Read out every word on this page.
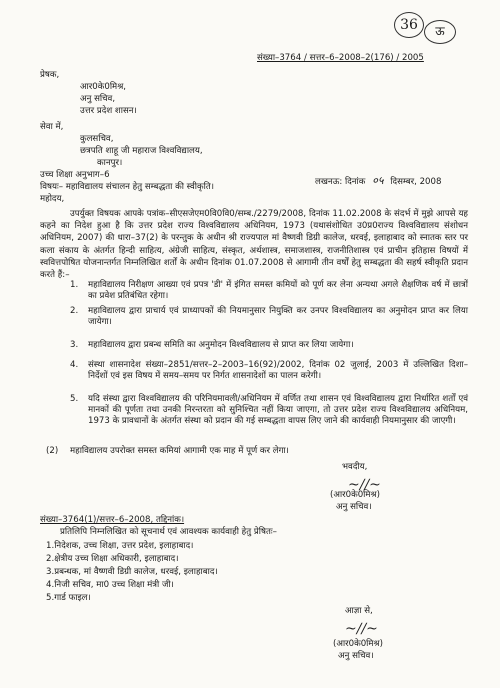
36 ऊ
संख्या–3764 / सत्तर–6–2008–2(176) / 2005
प्रेषक,
आर0के0मिश्र,
अनु सचिव,
उत्तर प्रदेश शासन।
सेवा में,
कुलसचिव,
छत्रपति शाहू जी महाराज विश्वविद्यालय,
कानपुर।
उच्च शिक्षा अनुभाग–6
लखनऊ: दिनांक ०५ दिसम्बर, 2008
विषयः– महाविद्यालय संचालन हेतु सम्बद्धता की स्वीकृति।
महोदय,
उपर्युक्त विषयक आपके पत्रांक–सीएसजेएम0वि0वि0/सम्ब./2279/2008, दिनांक 11.02.2008 के संदर्भ में मुझे आपसे यह कहने का निदेश हुआ है कि उत्तर प्रदेश राज्य विश्वविद्यालय अधिनियम, 1973 (यथासंशोधित उ0प्र0राज्य विश्वविद्यालय संशोधन अधिनियम, 2007) की धारा–37(2) के परन्तुक के अधीन श्री राज्यपाल मां वैष्णवी डिग्री कालेज, धरवई, इलाहाबाद को स्नातक स्तर पर कला संकाय के अंतर्गत हिन्दी साहित्य, अंग्रेजी साहित्य, संस्कृत, अर्थशास्त्र, समाजशास्त्र, राजनीतिशास्त्र एवं प्राचीन इतिहास विषयों में स्ववित्तपोषित योजनान्तर्गत निम्नलिखित शर्तों के अधीन दिनांक 01.07.2008 से आगामी तीन वर्षों हेतु सम्बद्धता की सहर्ष स्वीकृति प्रदान करते हैं:–
1. महाविद्यालय निरीक्षण आख्या एवं प्रपत्र 'डी' में इंगित समस्त कमियों को पूर्ण कर लेना अन्यथा अगले शैक्षणिक वर्ष में छात्रों का प्रवेश प्रतिबंधित रहेगा।
2. महाविद्यालय द्वारा प्राचार्य एवं प्राध्यापकों की नियमानुसार नियुक्ति कर उनपर विश्वविद्यालय का अनुमोदन प्राप्त कर लिया जायेगा।
3. महाविद्यालय द्वारा प्रबन्ध समिति का अनुमोदन विश्वविद्यालय से प्राप्त कर लिया जायेगा।
4. संस्था शासनादेश संख्या–2851/सत्तर–2–2003–16(92)/2002, दिनांक 02 जुलाई, 2003 में उल्लिखित दिशा–निर्देशों एवं इस विषय में समय–समय पर निर्गत शासनादेशों का पालन करेगी।
5. यदि संस्था द्वारा विश्वविद्यालय की परिनियमावली/अधिनियम में वर्णित तथा शासन एवं विश्वविद्यालय द्वारा निर्धारित शर्तों एवं मानकों की पूर्णता तथा उनकी निरन्तरता को सुनिश्चित नहीं किया जाएगा, तो उत्तर प्रदेश राज्य विश्वविद्यालय अधिनियम, 1973 के प्रावधानों के अंतर्गत संस्था को प्रदान की गई सम्बद्धता वापस लिए जाने की कार्यवाही नियमानुसार की जाएगी।
(2) महाविद्यालय उपरोक्त समस्त कमियां आगामी एक माह में पूर्ण कर लेगा।
भवदीय,
~∕∕~
(आर0के0मिश्र)
अनु सचिव।
संख्या–3764(1)/सत्तर–6–2008, तद्दिनांक।
प्रतिलिपि निम्नलिखित को सूचनार्थ एवं आवश्यक कार्यवाही हेतु प्रेषितः–
1.निदेशक, उच्च शिक्षा, उत्तर प्रदेश, इलाहाबाद।
2.क्षेत्रीय उच्च शिक्षा अधिकारी, इलाहाबाद।
3.प्रबन्धक, मां वैष्णवी डिग्री कालेज, धरवई, इलाहाबाद।
4.निजी सचिव, मा0 उच्च शिक्षा मंत्री जी।
5.गार्ड फाइल।
आज्ञा से,
~∕∕~
(आर0के0मिश्र)
अनु सचिव।
